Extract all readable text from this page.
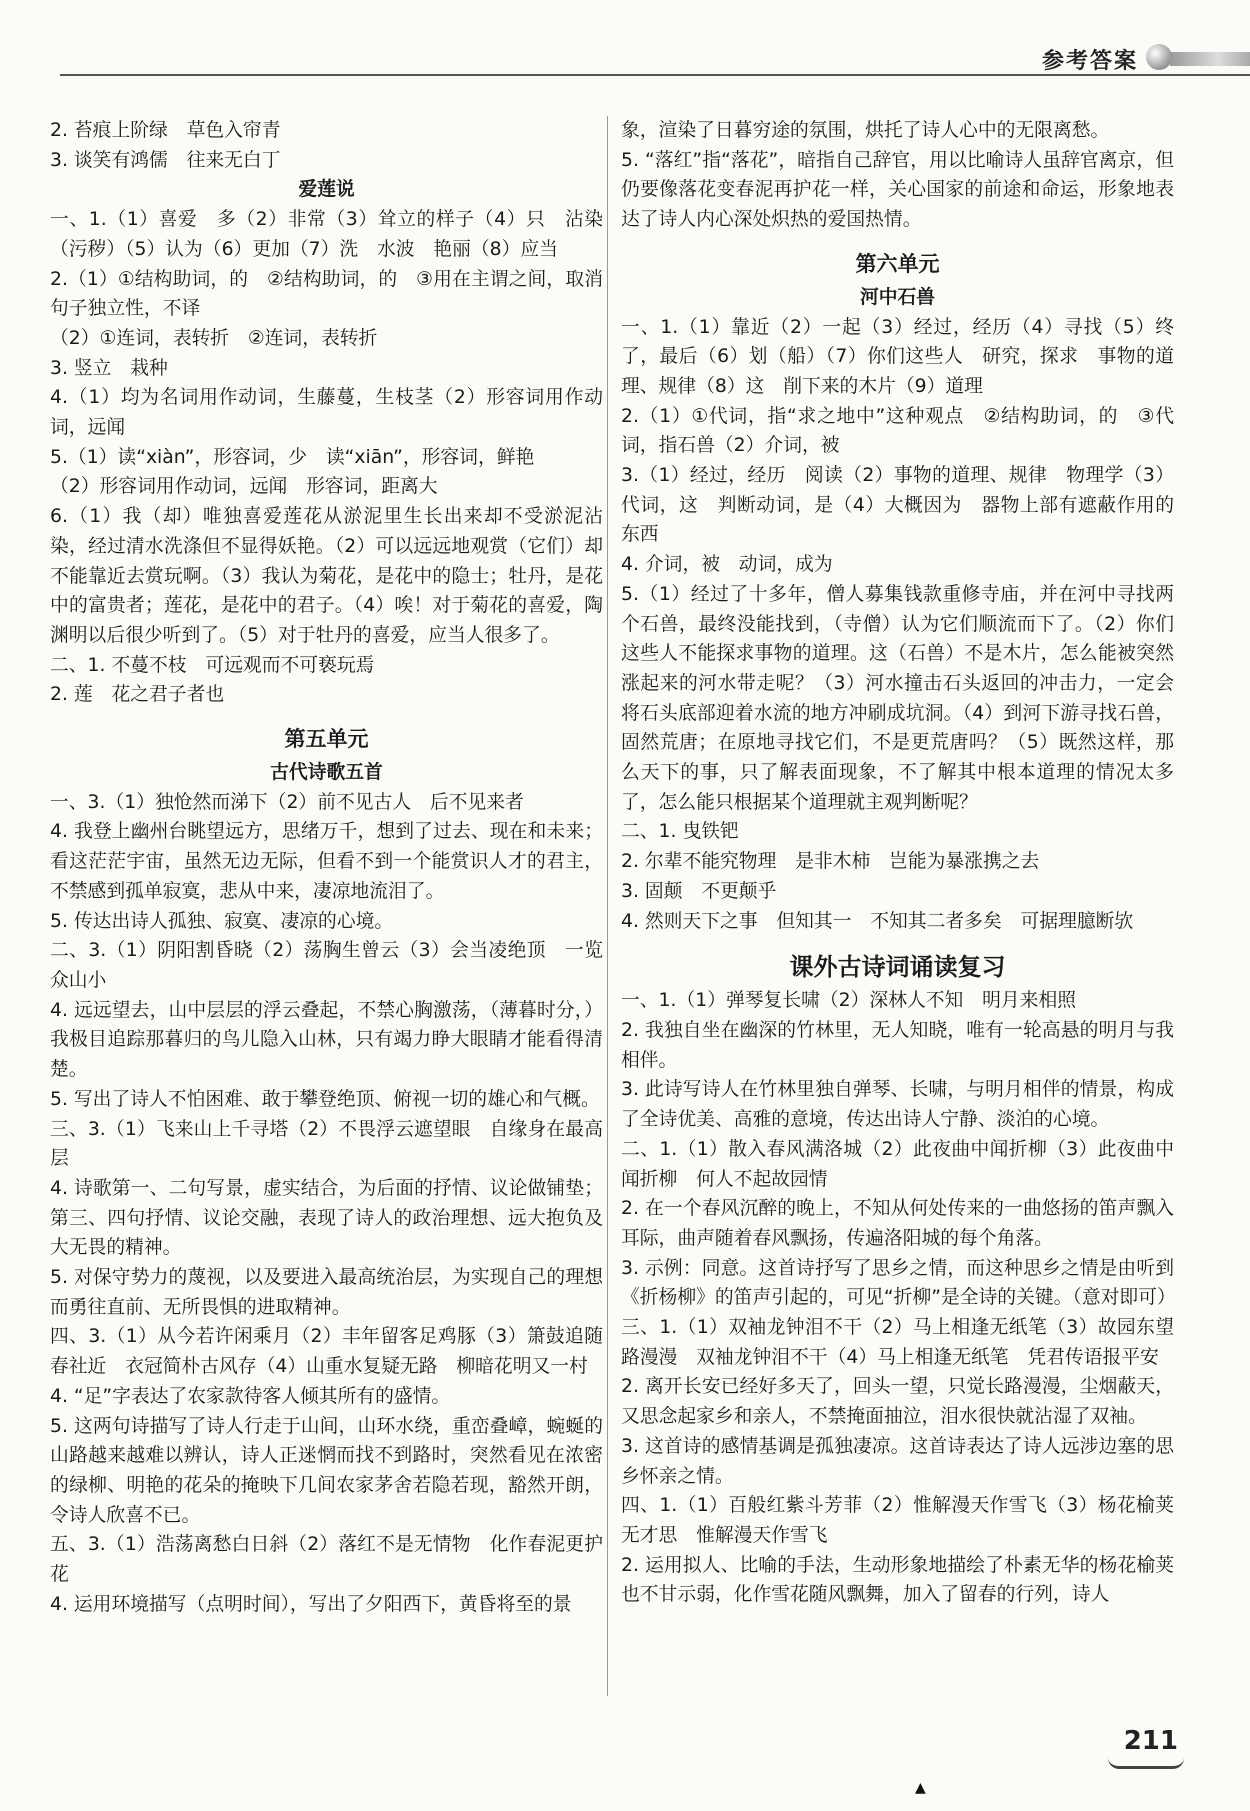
参考答案

2. 苔痕上阶绿　草色入帘青

3. 谈笑有鸿儒　往来无白丁

爱莲说

一、1.（1）喜爱　多（2）非常（3）耸立的样子（4）只　沾染（污秽）（5）认为（6）更加（7）洗　水波　艳丽（8）应当

2.（1）①结构助词，的　②结构助词，的　③用在主谓之间，取消句子独立性，不译

（2）①连词，表转折　②连词，表转折

3. 竖立　栽种

4.（1）均为名词用作动词，生藤蔓，生枝茎（2）形容词用作动词，远闻

5.（1）读“xiàn”，形容词，少　读“xiān”，形容词，鲜艳

（2）形容词用作动词，远闻　形容词，距离大

6.（1）我（却）唯独喜爱莲花从淤泥里生长出来却不受淤泥沾染，经过清水洗涤但不显得妖艳。（2）可以远远地观赏（它们）却不能靠近去赏玩啊。（3）我认为菊花，是花中的隐士；牡丹，是花中的富贵者；莲花，是花中的君子。（4）唉！对于菊花的喜爱，陶渊明以后很少听到了。（5）对于牡丹的喜爱，应当人很多了。

二、1. 不蔓不枝　可远观而不可亵玩焉

2. 莲　花之君子者也

第五单元

古代诗歌五首

一、3.（1）独怆然而涕下（2）前不见古人　后不见来者

4. 我登上幽州台眺望远方，思绪万千，想到了过去、现在和未来；看这茫茫宇宙，虽然无边无际，但看不到一个能赏识人才的君主，不禁感到孤单寂寞，悲从中来，凄凉地流泪了。

5. 传达出诗人孤独、寂寞、凄凉的心境。

二、3.（1）阴阳割昏晓（2）荡胸生曾云（3）会当凌绝顶　一览众山小

4. 远远望去，山中层层的浮云叠起，不禁心胸激荡，（薄暮时分，）我极目追踪那暮归的鸟儿隐入山林，只有竭力睁大眼睛才能看得清楚。

5. 写出了诗人不怕困难、敢于攀登绝顶、俯视一切的雄心和气概。

三、3.（1）飞来山上千寻塔（2）不畏浮云遮望眼　自缘身在最高层

4. 诗歌第一、二句写景，虚实结合，为后面的抒情、议论做铺垫；第三、四句抒情、议论交融，表现了诗人的政治理想、远大抱负及大无畏的精神。

5. 对保守势力的蔑视，以及要进入最高统治层，为实现自己的理想而勇往直前、无所畏惧的进取精神。

四、3.（1）从今若许闲乘月（2）丰年留客足鸡豚（3）箫鼓追随春社近　衣冠简朴古风存（4）山重水复疑无路　柳暗花明又一村

4. “足”字表达了农家款待客人倾其所有的盛情。

5. 这两句诗描写了诗人行走于山间，山环水绕，重峦叠嶂，蜿蜒的山路越来越难以辨认，诗人正迷惘而找不到路时，突然看见在浓密的绿柳、明艳的花朵的掩映下几间农家茅舍若隐若现，豁然开朗，令诗人欣喜不已。

五、3.（1）浩荡离愁白日斜（2）落红不是无情物　化作春泥更护花

4. 运用环境描写（点明时间），写出了夕阳西下，黄昏将至的景

象，渲染了日暮穷途的氛围，烘托了诗人心中的无限离愁。

5. “落红”指“落花”，暗指自己辞官，用以比喻诗人虽辞官离京，但仍要像落花变春泥再护花一样，关心国家的前途和命运，形象地表达了诗人内心深处炽热的爱国热情。

第六单元

河中石兽

一、1.（1）靠近（2）一起（3）经过，经历（4）寻找（5）终了，最后（6）划（船）（7）你们这些人　研究，探求　事物的道理、规律（8）这　削下来的木片（9）道理

2.（1）①代词，指“求之地中”这种观点　②结构助词，的　③代词，指石兽（2）介词，被

3.（1）经过，经历　阅读（2）事物的道理、规律　物理学（3）代词，这　判断动词，是（4）大概因为　器物上部有遮蔽作用的东西

4. 介词，被　动词，成为

5.（1）经过了十多年，僧人募集钱款重修寺庙，并在河中寻找两个石兽，最终没能找到，（寺僧）认为它们顺流而下了。（2）你们这些人不能探求事物的道理。这（石兽）不是木片，怎么能被突然涨起来的河水带走呢？（3）河水撞击石头返回的冲击力，一定会将石头底部迎着水流的地方冲刷成坑洞。（4）到河下游寻找石兽，固然荒唐；在原地寻找它们，不是更荒唐吗？（5）既然这样，那么天下的事，只了解表面现象，不了解其中根本道理的情况太多了，怎么能只根据某个道理就主观判断呢？

二、1. 曳铁钯

2. 尔辈不能究物理　是非木柿　岂能为暴涨携之去

3. 固颠　不更颠乎

4. 然则天下之事　但知其一　不知其二者多矣　可据理臆断欤

课外古诗词诵读复习

一、1.（1）弹琴复长啸（2）深林人不知　明月来相照

2. 我独自坐在幽深的竹林里，无人知晓，唯有一轮高悬的明月与我相伴。

3. 此诗写诗人在竹林里独自弹琴、长啸，与明月相伴的情景，构成了全诗优美、高雅的意境，传达出诗人宁静、淡泊的心境。

二、1.（1）散入春风满洛城（2）此夜曲中闻折柳（3）此夜曲中闻折柳　何人不起故园情

2. 在一个春风沉醉的晚上，不知从何处传来的一曲悠扬的笛声飘入耳际，曲声随着春风飘扬，传遍洛阳城的每个角落。

3. 示例：同意。这首诗抒写了思乡之情，而这种思乡之情是由听到《折杨柳》的笛声引起的，可见“折柳”是全诗的关键。（意对即可）

三、1.（1）双袖龙钟泪不干（2）马上相逢无纸笔（3）故园东望路漫漫　双袖龙钟泪不干（4）马上相逢无纸笔　凭君传语报平安

2. 离开长安已经好多天了，回头一望，只觉长路漫漫，尘烟蔽天，又思念起家乡和亲人，不禁掩面抽泣，泪水很快就沾湿了双袖。

3. 这首诗的感情基调是孤独凄凉。这首诗表达了诗人远涉边塞的思乡怀亲之情。

四、1.（1）百般红紫斗芳菲（2）惟解漫天作雪飞（3）杨花榆荚无才思　惟解漫天作雪飞

2. 运用拟人、比喻的手法，生动形象地描绘了朴素无华的杨花榆荚也不甘示弱，化作雪花随风飘舞，加入了留春的行列，诗人

211
▲
